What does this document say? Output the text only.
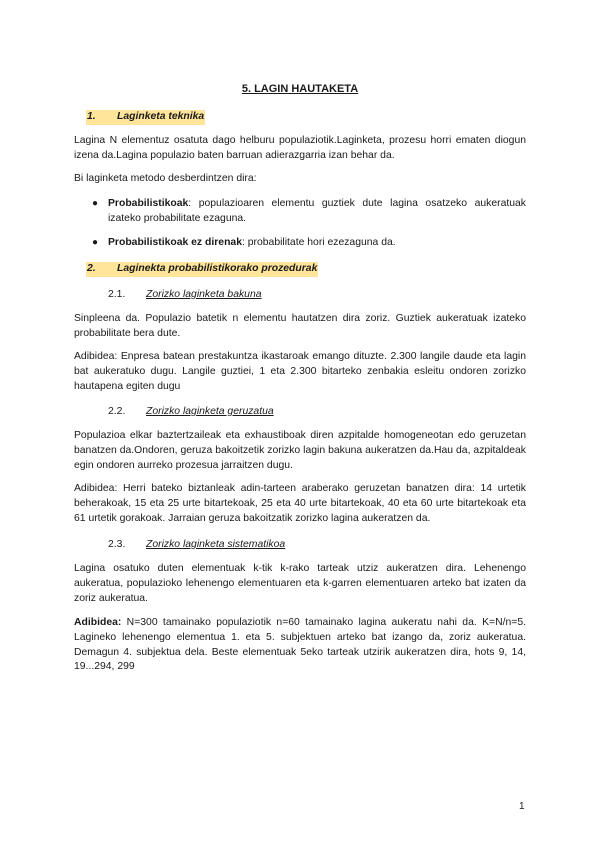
5. LAGIN HAUTAKETA
1. Laginketa teknika

Lagina N elementuz osatuta dago helburu populaziotik.Laginketa, prozesu horri ematen diogun izena da.Lagina populazio baten barruan adierazgarria izan behar da.

Bi laginketa metodo desberdintzen dira:

● Probabilistikoak: populazioaren elementu guztiek dute lagina osatzeko aukeratuak izateko probabilitate ezaguna.
● Probabilistikoak ez direnak: probabilitate hori ezezaguna da.
2. Laginekta probabilistikorako prozedurak
2.1. Zorizko laginketa bakuna

Sinpleena da. Populazio batetik n elementu hautatzen dira zoriz. Guztiek aukeratuak izateko probabilitate bera dute.

Adibidea: Enpresa batean prestakuntza ikastaroak emango dituzte. 2.300 langile daude eta lagin bat aukeratuko dugu. Langile guztiei, 1 eta 2.300 bitarteko zenbakia esleitu ondoren zorizko hautapena egiten dugu

2.2. Zorizko laginketa geruzatua

Populazioa elkar baztertzaileak eta exhaustiboak diren azpitalde homogeneotan edo geruzetan banatzen da.Ondoren, geruza bakoitzetik zorizko lagin bakuna aukeratzen da.Hau da, azpitaldeak egin ondoren aurreko prozesua jarraitzen dugu.

Adibidea: Herri bateko biztanleak adin-tarteen araberako geruzetan banatzen dira: 14 urtetik beherakoak, 15 eta 25 urte bitartekoak, 25 eta 40 urte bitartekoak, 40 eta 60 urte bitartekoak eta 61 urtetik gorakoak. Jarraian geruza bakoitzatik zorizko lagina aukeratzen da.

2.3. Zorizko laginketa sistematikoa

Lagina osatuko duten elementuak k-tik k-rako tarteak utziz aukeratzen dira. Lehenengo aukeratua, populazioko lehenengo elementuaren eta k-garren elementuaren arteko bat izaten da zoriz aukeratua.

Adibidea: N=300 tamainako populaziotik n=60 tamainako lagina aukeratu nahi da. K=N/n=5. Lagineko lehenengo elementua 1. eta 5. subjektuen arteko bat izango da, zoriz aukeratua. Demagun 4. subjektua dela. Beste elementuak 5eko tarteak utzirik aukeratzen dira, hots 9, 14, 19...294, 299

1
